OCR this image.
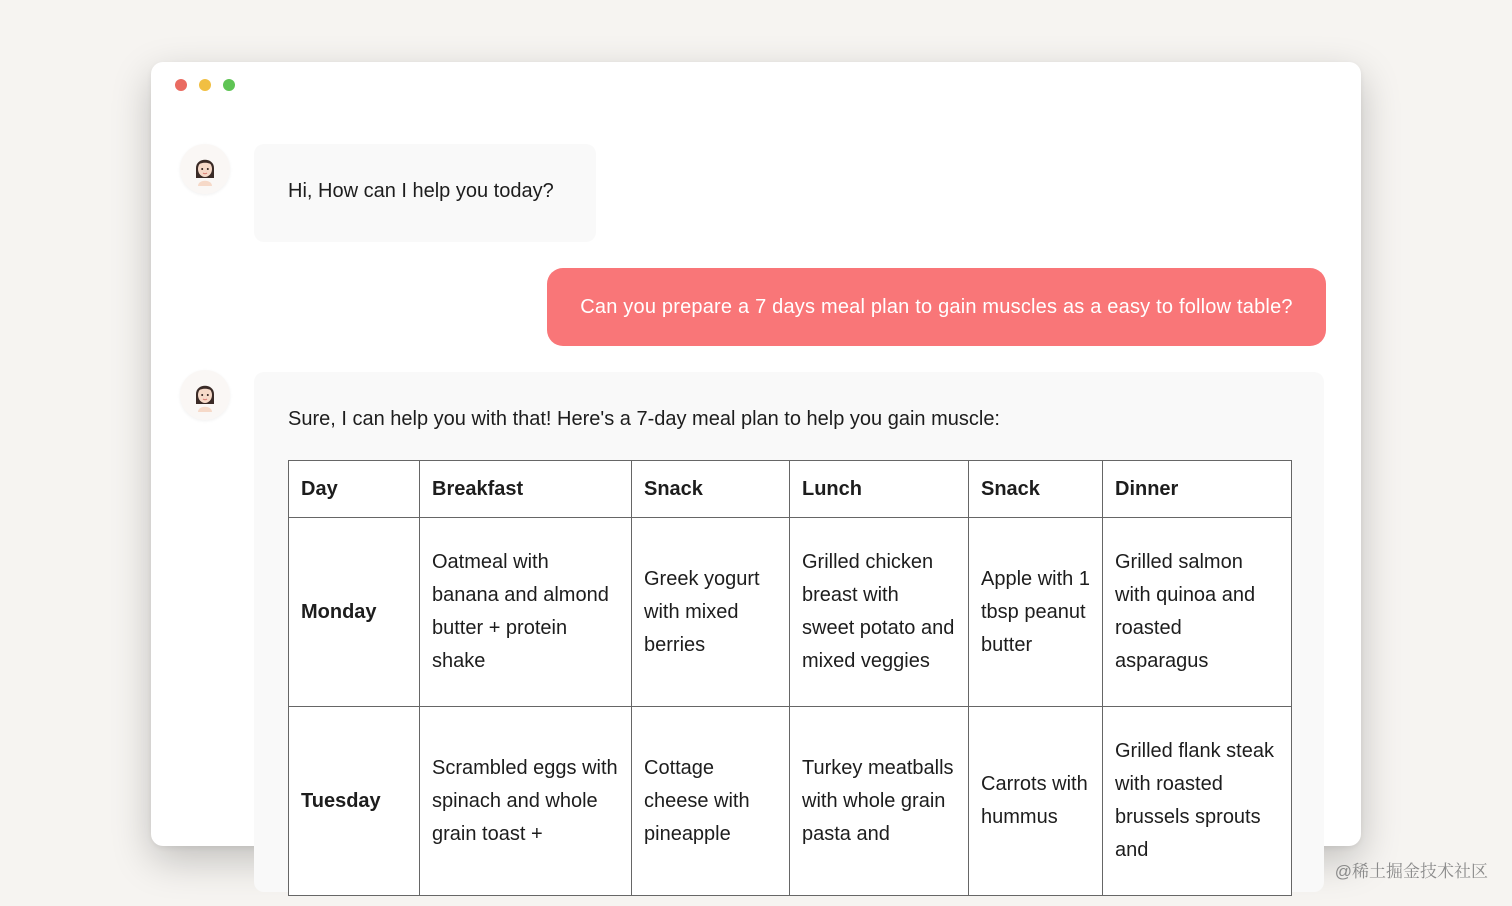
Hi, How can I help you today?
Can you prepare a 7 days meal plan to gain muscles as a easy to follow table?
Sure, I can help you with that! Here's a 7-day meal plan to help you gain muscle:
Day	Breakfast	Snack	Lunch	Snack	Dinner
Monday	Oatmeal with banana and almond butter + protein shake	Greek yogurt with mixed berries	Grilled chicken breast with sweet potato and mixed veggies	Apple with 1 tbsp peanut butter	Grilled salmon with quinoa and roasted asparagus
Tuesday	Scrambled eggs with spinach and whole grain toast +	Cottage cheese with pineapple	Turkey meatballs with whole grain pasta and	Carrots with hummus	Grilled flank steak with roasted brussels sprouts and
@稀土掘金技术社区
